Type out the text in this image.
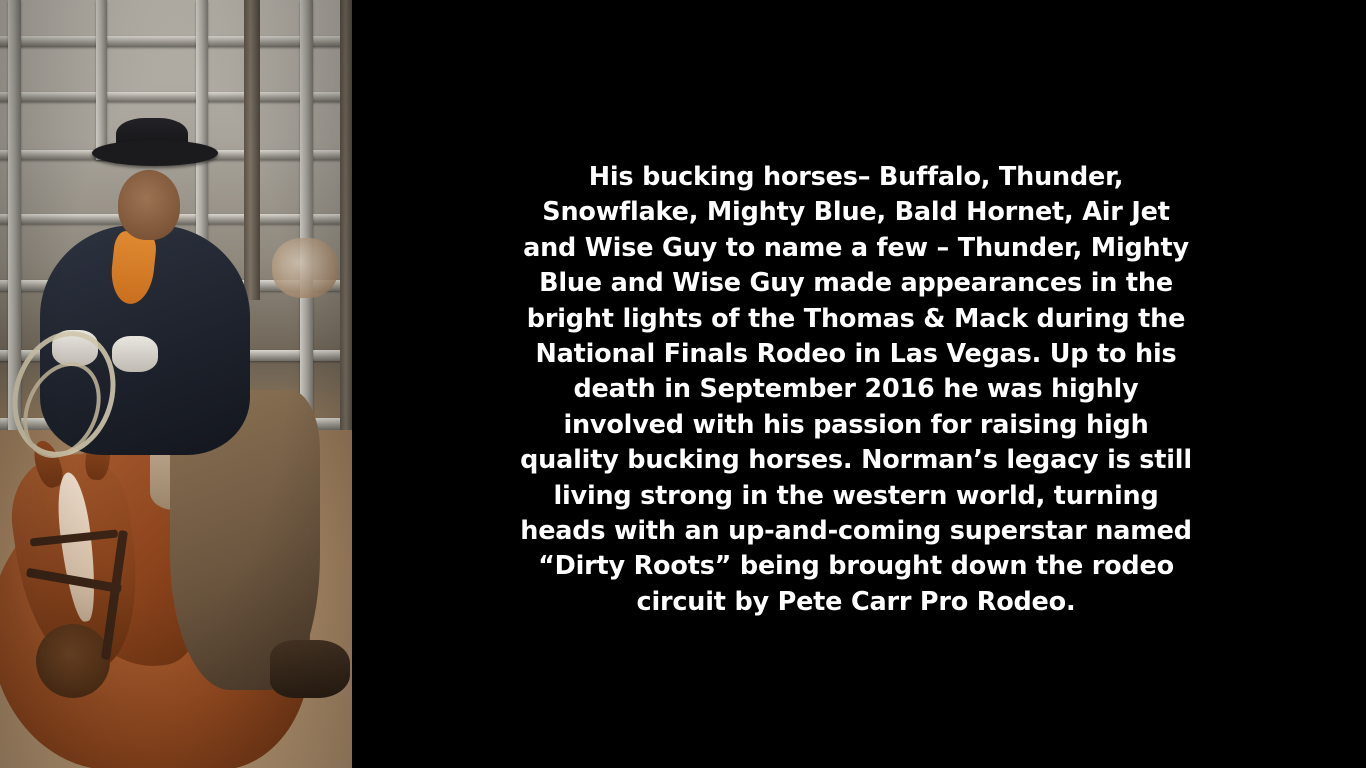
His bucking horses– Buffalo, Thunder, Snowflake, Mighty Blue, Bald Hornet, Air Jet and Wise Guy to name a few – Thunder, Mighty Blue and Wise Guy made appearances in the bright lights of the Thomas & Mack during the National Finals Rodeo in Las Vegas. Up to his death in September 2016 he was highly involved with his passion for raising high quality bucking horses. Norman’s legacy is still living strong in the western world, turning heads with an up-and-coming superstar named “Dirty Roots” being brought down the rodeo circuit by Pete Carr Pro Rodeo.
